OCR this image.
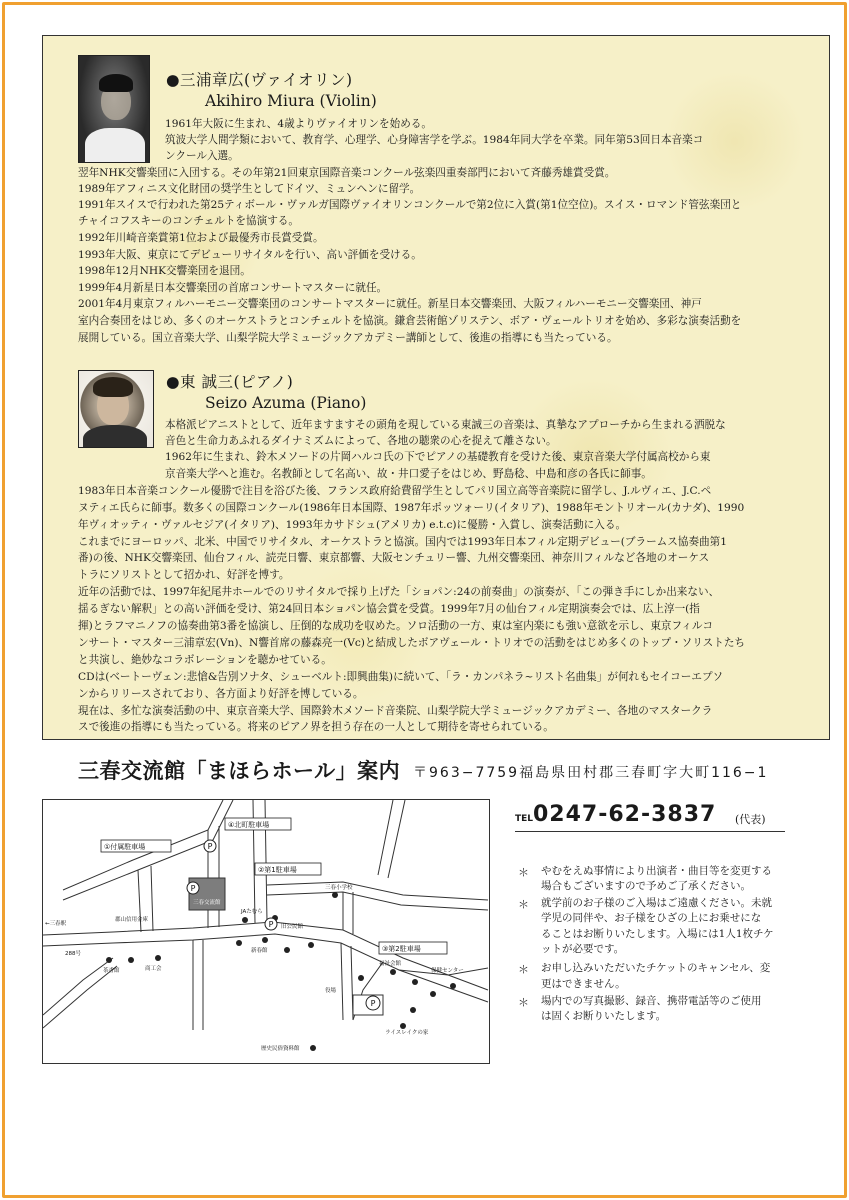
●三浦章広(ヴァイオリン)
Akihiro Miura (Violin)
1961年大阪に生まれ、4歳よりヴァイオリンを始める。
筑波大学人間学類において、教育学、心理学、心身障害学を学ぶ。1984年同大学を卒業。同年第53回日本音楽コ
ンクール入選。
翌年NHK交響楽団に入団する。その年第21回東京国際音楽コンクール弦楽四重奏部門において斉藤秀雄賞受賞。
1989年アフィニス文化財団の奨学生としてドイツ、ミュンヘンに留学。
1991年スイスで行われた第25ティボール・ヴァルガ国際ヴァイオリンコンクールで第2位に入賞(第1位空位)。スイス・ロマンド管弦楽団と
チャイコフスキーのコンチェルトを協演する。
1992年川崎音楽賞第1位および最優秀市長賞受賞。
1993年大阪、東京にてデビューリサイタルを行い、高い評価を受ける。
1998年12月NHK交響楽団を退団。
1999年4月新星日本交響楽団の首席コンサートマスターに就任。
2001年4月東京フィルハーモニー交響楽団のコンサートマスターに就任。新星日本交響楽団、大阪フィルハーモニー交響楽団、神戸
室内合奏団をはじめ、多くのオーケストラとコンチェルトを協演。鎌倉芸術館ゾリステン、ボア・ヴェールトリオを始め、多彩な演奏活動を
展開している。国立音楽大学、山梨学院大学ミュージックアカデミー講師として、後進の指導にも当たっている。
●東 誠三(ピアノ)
Seizo Azuma (Piano)
本格派ピアニストとして、近年ますますその頭角を現している東誠三の音楽は、真摯なアプローチから生まれる洒脱な
音色と生命力あふれるダイナミズムによって、各地の聴衆の心を捉えて離さない。
1962年に生まれ、鈴木メソードの片岡ハルコ氏の下でピアノの基礎教育を受けた後、東京音楽大学付属高校から東
京音楽大学へと進む。名教師として名高い、故・井口愛子をはじめ、野島稔、中島和彦の各氏に師事。
1983年日本音楽コンクール優勝で注目を浴びた後、フランス政府給費留学生としてパリ国立高等音楽院に留学し、J.ルヴィエ、J.C.ペ
ヌティエ氏らに師事。数多くの国際コンクール(1986年日本国際、1987年ポッツォーリ(イタリア)、1988年モントリオール(カナダ)、1990
年ヴィオッティ・ヴァルセジア(イタリア)、1993年カサドシュ(アメリカ) e.t.c)に優勝・入賞し、演奏活動に入る。
これまでにヨーロッパ、北米、中国でリサイタル、オーケストラと協演。国内では1993年日本フィル定期デビュー(ブラームス協奏曲第1
番)の後、NHK交響楽団、仙台フィル、読売日響、東京都響、大阪センチュリー響、九州交響楽団、神奈川フィルなど各地のオーケス
トラにソリストとして招かれ、好評を博す。
近年の活動では、1997年紀尾井ホールでのリサイタルで採り上げた「ショパン:24の前奏曲」の演奏が、「この弾き手にしか出来ない、
揺るぎない解釈」との高い評価を受け、第24回日本ショパン協会賞を受賞。1999年7月の仙台フィル定期演奏会では、広上淳一(指
揮)とラフマニノフの協奏曲第3番を協演し、圧倒的な成功を収めた。ソロ活動の一方、東は室内楽にも強い意欲を示し、東京フィルコ
ンサート・マスター三浦章宏(Vn)、N響首席の藤森亮一(Vc)と結成したボアヴェール・トリオでの活動をはじめ多くのトップ・ソリストたち
と共演し、絶妙なコラボレーションを聴かせている。
CDは(ベートーヴェン:悲愴&告別ソナタ、シューベルト:即興曲集)に続いて、「ラ・カンパネラ~リスト名曲集」が何れもセイコーエプソ
ンからリリースされており、各方面より好評を博している。
現在は、多忙な演奏活動の中、東京音楽大学、国際鈴木メソード音楽院、山梨学院大学ミュージックアカデミー、各地のマスタークラ
スで後進の指導にも当たっている。将来のピアノ界を担う存在の一人として期待を寄せられている。
三春交流館「まほらホール」案内 〒963−7759福島県田村郡三春町字大町116−1
P
P
P
P
④北町駐車場
①付属駐車場
②第1駐車場
③第2駐車場
←三春駅
郡山信用金庫
三春交流館
JAたむら
三春小学校
旧公民館
茶香館	商工会
新春館
役場
福祉会館
保健センター
ライスレイクの家
歴史民俗資料館
288号
TEL 0247-62-3837 (代表)
＊ やむをえぬ事情により出演者・曲目等を変更する
場合もございますので予めご了承ください。
＊ 就学前のお子様のご入場はご遠慮ください。未就
学児の同伴や、お子様をひざの上にお乗せにな
ることはお断りいたします。入場には1人1枚チケ
ットが必要です。
＊ お申し込みいただいたチケットのキャンセル、変
更はできません。
＊ 場内での写真撮影、録音、携帯電話等のご使用
は固くお断りいたします。
